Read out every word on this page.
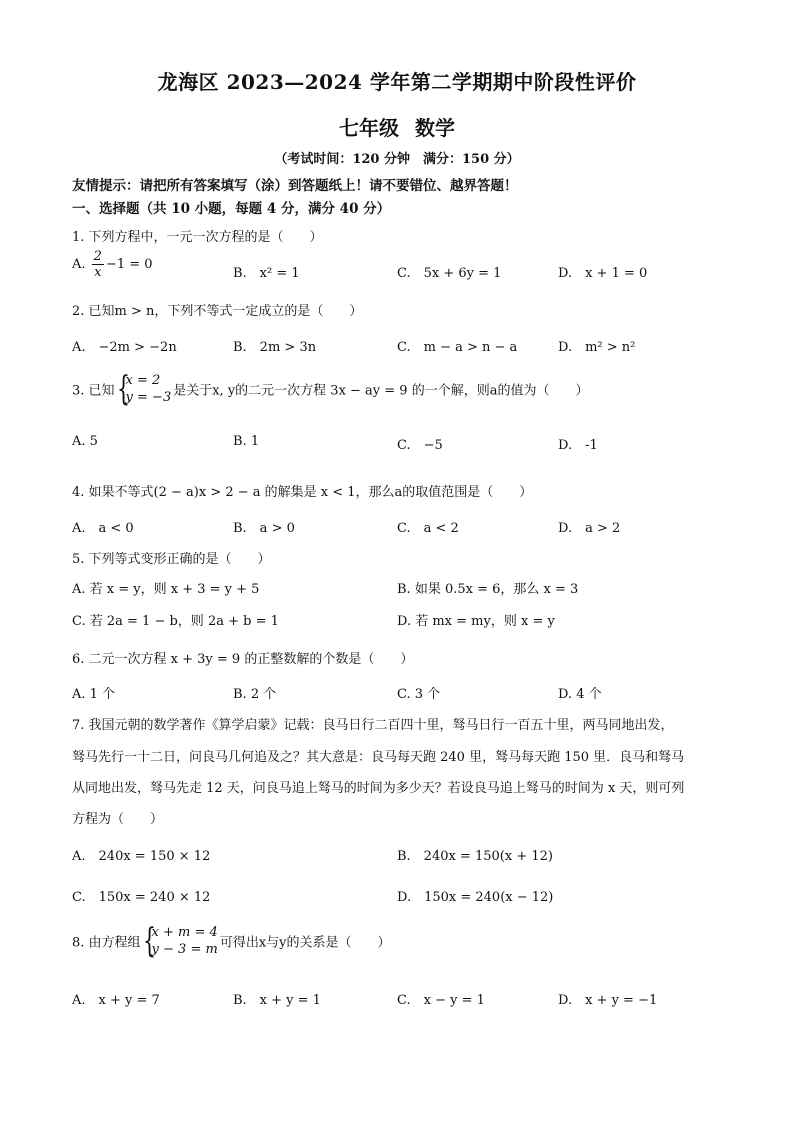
龙海区 2023—2024 学年第二学期期中阶段性评价
七年级 数学
（考试时间：120 分钟　满分：150 分）
友情提示：请把所有答案填写（涂）到答题纸上！请不要错位、越界答题！
一、选择题（共 10 小题，每题 4 分，满分 40 分）
1. 下列方程中，一元一次方程的是（　　）
A. $\frac{2}{x} -1 = 0$
B.　x² = 1	C.　5x + 6y = 1	D.　x + 1 = 0
2. 已知m > n，下列不等式一定成立的是（　　）
A.　−2m > −2n	B.　2m > 3n	C.　m − a > n − a	D.　m² > n²
3. 已知 {
x = 2
y = −3 是关于x, y的二元一次方程 3x − ay = 9 的一个解，则a的值为（　　）
A. 5	B. 1	C.　−5	D.　-1
4. 如果不等式(2 − a)x > 2 − a 的解集是 x < 1，那么a的取值范围是（　　）
A.　a < 0	B.　a > 0	C.　a < 2	D.　a > 2
5. 下列等式变形正确的是（　　）
A. 若 x = y，则 x + 3 = y + 5	B. 如果 0.5x = 6，那么 x = 3
C. 若 2a = 1 − b，则 2a + b = 1	D. 若 mx = my，则 x = y
6. 二元一次方程 x + 3y = 9 的正整数解的个数是（　　）
A. 1 个	B. 2 个	C. 3 个	D. 4 个
7. 我国元朝的数学著作《算学启蒙》记载：良马日行二百四十里，驽马日行一百五十里，两马同地出发，
驽马先行一十二日，问良马几何追及之？其大意是：良马每天跑 240 里，驽马每天跑 150 里．良马和驽马
从同地出发，驽马先走 12 天，问良马追上驽马的时间为多少天？若设良马追上驽马的时间为 x 天，则可列
方程为（　　）
A.　240x = 150 × 12	B.　240x = 150(x + 12)
C.　150x = 240 × 12	D.　150x = 240(x − 12)
8. 由方程组 {
x + m = 4
y − 3 = m 可得出x与y的关系是（　　）
A.　x + y = 7	B.　x + y = 1	C.　x − y = 1	D.　x + y = −1
